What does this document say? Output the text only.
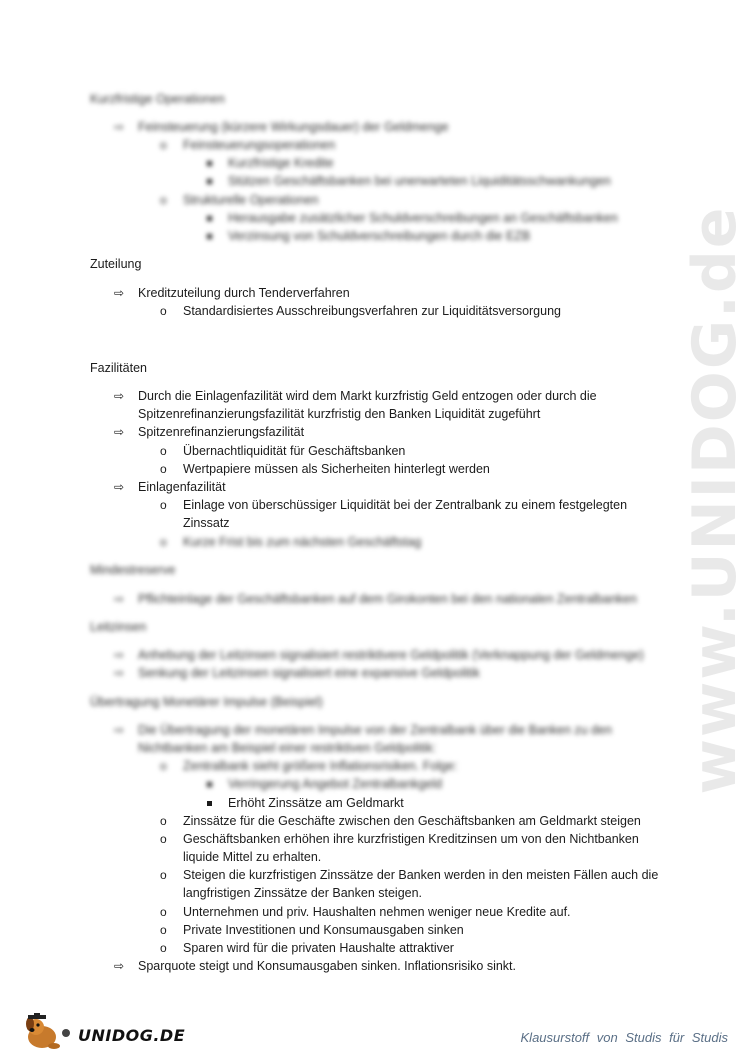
www.UNIDOG.de
Kurzfristige Operationen
⇨ Feinsteuerung (kürzere Wirkungsdauer) der Geldmenge
o Feinsteuerungsoperationen
Kurzfristige Kredite
Stützen Geschäftsbanken bei unerwarteten Liquiditätsschwankungen
o Strukturelle Operationen
Herausgabe zusätzlicher Schuldverschreibungen an Geschäftsbanken
Verzinsung von Schuldverschreibungen durch die EZB
Zuteilung
⇨ Kreditzuteilung durch Tenderverfahren
o Standardisiertes Ausschreibungsverfahren zur Liquiditätsversorgung
Fazilitäten
⇨ Durch die Einlagenfazilität wird dem Markt kurzfristig Geld entzogen oder durch die
Spitzenrefinanzierungsfazilität kurzfristig den Banken Liquidität zugeführt
⇨ Spitzenrefinanzierungsfazilität
o Übernachtliquidität für Geschäftsbanken
o Wertpapiere müssen als Sicherheiten hinterlegt werden
⇨ Einlagenfazilität
o Einlage von überschüssiger Liquidität bei der Zentralbank zu einem festgelegten
Zinssatz
o Kurze Frist bis zum nächsten Geschäftstag
Mindestreserve
⇨ Pflichteinlage der Geschäftsbanken auf dem Girokonten bei den nationalen Zentralbanken
Leitzinsen
⇨ Anhebung der Leitzinsen signalisiert restriktivere Geldpolitik (Verknappung der Geldmenge)
⇨ Senkung der Leitzinsen signalisiert eine expansive Geldpolitik
Übertragung Monetärer Impulse (Beispiel)
⇨ Die Übertragung der monetären Impulse von der Zentralbank über die Banken zu den
Nichtbanken am Beispiel einer restriktiven Geldpolitik:
o Zentralbank sieht größere Inflationsrisiken. Folge:
Verringerung Angebot Zentralbankgeld
Erhöht Zinssätze am Geldmarkt
o Zinssätze für die Geschäfte zwischen den Geschäftsbanken am Geldmarkt steigen
o Geschäftsbanken erhöhen ihre kurzfristigen Kreditzinsen um von den Nichtbanken
liquide Mittel zu erhalten.
o Steigen die kurzfristigen Zinssätze der Banken werden in den meisten Fällen auch die
langfristigen Zinssätze der Banken steigen.
o Unternehmen und priv. Haushalten nehmen weniger neue Kredite auf.
o Private Investitionen und Konsumausgaben sinken
o Sparen wird für die privaten Haushalte attraktiver
⇨ Sparquote steigt und Konsumausgaben sinken. Inflationsrisiko sinkt.
UNIDOG.DE	Klausurstoff von Studis für Studis
